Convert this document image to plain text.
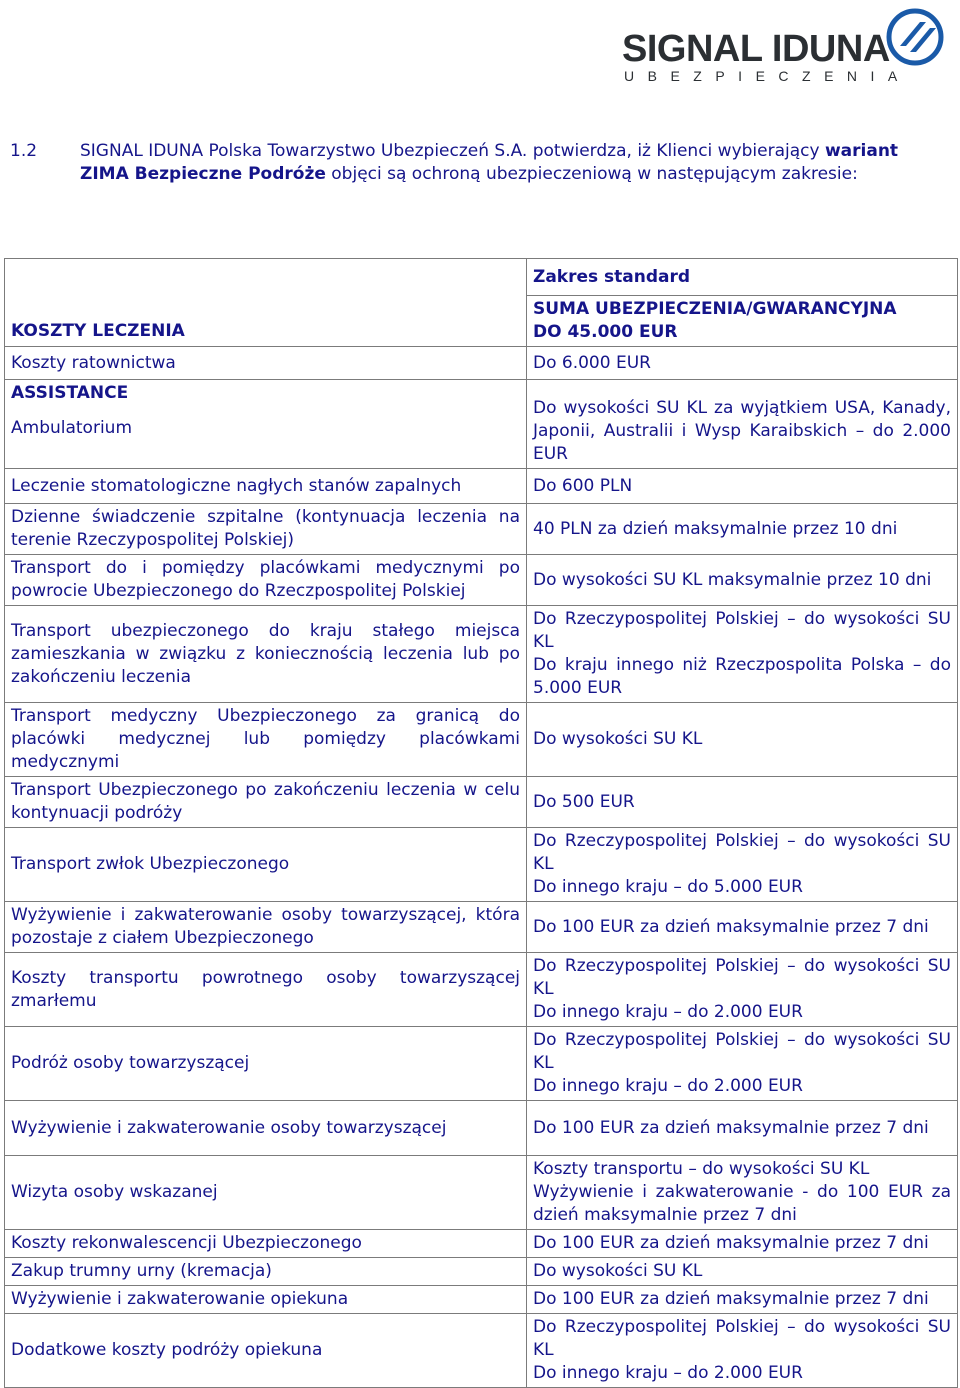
SIGNAL IDUNA
UBEZPIECZENIA
1.2	SIGNAL IDUNA Polska Towarzystwo Ubezpieczeń S.A. potwierdza, iż Klienci wybierający wariant ZIMA Bezpieczne Podróże objęci są ochroną ubezpieczeniową w następującym zakresie:
KOSZTY LECZENIA	Zakres standard

	SUMA UBEZPIECZENIA/GWARANCYJNA
DO 45.000 EUR

Koszty ratownictwa	Do 6.000 EUR

ASSISTANCE
Ambulatorium	Do wysokości SU KL za wyjątkiem USA, Kanady, Japonii, Australii i Wysp Karaibskich – do 2.000 EUR
Leczenie stomatologiczne nagłych stanów zapalnych	Do 600 PLN
Dzienne świadczenie szpitalne (kontynuacja leczenia na terenie Rzeczypospolitej Polskiej)	40 PLN za dzień maksymalnie przez 10 dni
Transport do i pomiędzy placówkami medycznymi po powrocie Ubezpieczonego do Rzeczpospolitej Polskiej	Do wysokości SU KL maksymalnie przez 10 dni
Transport ubezpieczonego do kraju stałego miejsca zamieszkania w związku z koniecznością leczenia lub po zakończeniu leczenia	Do Rzeczypospolitej Polskiej – do wysokości SU KL
Do kraju innego niż Rzeczpospolita Polska – do 5.000 EUR

Transport medyczny Ubezpieczonego za granicą do placówki medycznej lub pomiędzy placówkami medycznymi	Do wysokości SU KL
Transport Ubezpieczonego po zakończeniu leczenia w celu kontynuacji podróży	Do 500 EUR
Transport zwłok Ubezpieczonego	Do Rzeczypospolitej Polskiej – do wysokości SU KL
Do innego kraju – do 5.000 EUR

Wyżywienie i zakwaterowanie osoby towarzyszącej, która pozostaje z ciałem Ubezpieczonego	Do 100 EUR za dzień maksymalnie przez 7 dni
Koszty transportu powrotnego osoby towarzyszącej zmarłemu	Do Rzeczypospolitej Polskiej – do wysokości SU KL
Do innego kraju – do 2.000 EUR

Podróż osoby towarzyszącej	Do Rzeczypospolitej Polskiej – do wysokości SU KL
Do innego kraju – do 2.000 EUR

Wyżywienie i zakwaterowanie osoby towarzyszącej	Do 100 EUR za dzień maksymalnie przez 7 dni
Wizyta osoby wskazanej	Koszty transportu – do wysokości SU KL
Wyżywienie i zakwaterowanie - do 100 EUR za dzień maksymalnie przez 7 dni

Koszty rekonwalescencji Ubezpieczonego	Do 100 EUR za dzień maksymalnie przez 7 dni
Zakup trumny urny (kremacja)	Do wysokości SU KL
Wyżywienie i zakwaterowanie opiekuna	Do 100 EUR za dzień maksymalnie przez 7 dni
Dodatkowe koszty podróży opiekuna	Do Rzeczypospolitej Polskiej – do wysokości SU KL
Do innego kraju – do 2.000 EUR
